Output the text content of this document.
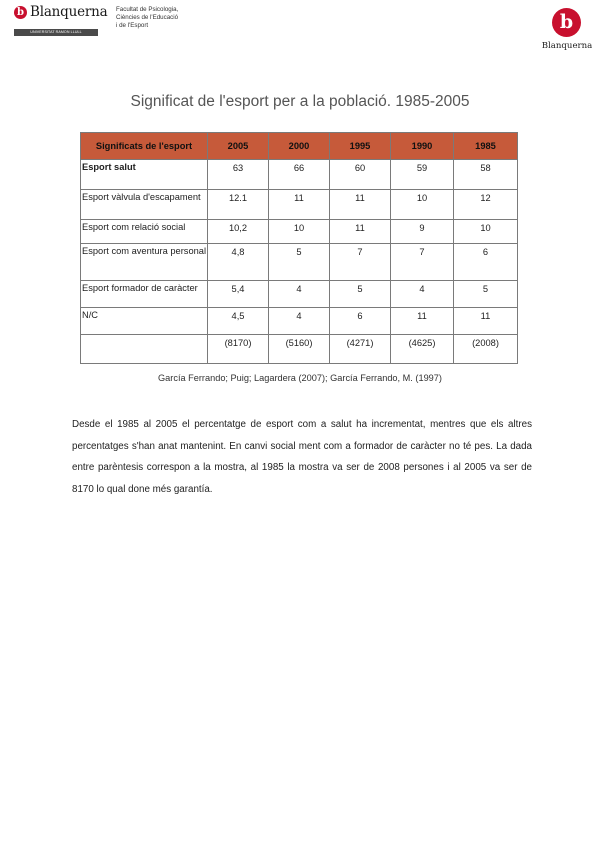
b Blanquerna
UNIVERSITAT RAMON LLULL
Facultat de Psicologia,
Ciències de l'Educació
i de l'Esport	b
Blanquerna
Significat de l'esport per a la població. 1985-2005
Significats de l'esport	2005	2000	1995	1990	1985
Esport salut	63	66	60	59	58
Esport vàlvula d'escapament	12.1	11	11	10	12
Esport com relació social	10,2	10	11	9	10
Esport com aventura personal	4,8	5	7	7	6
Esport formador de caràcter	5,4	4	5	4	5
N/C	4,5	4	6	11	11
	(8170)	(5160)	(4271)	(4625)	(2008)
García Ferrando; Puig; Lagardera (2007); García Ferrando, M. (1997)
Desde el 1985 al 2005 el percentatge de esport com a salut ha incrementat, mentres que els altres percentatges s'han anat mantenint. En canvi social ment com a formador de caràcter no té pes. La dada entre parèntesis correspon a la mostra, al 1985 la mostra va ser de 2008 persones i al 2005 va ser de 8170 lo qual done més garantía.
